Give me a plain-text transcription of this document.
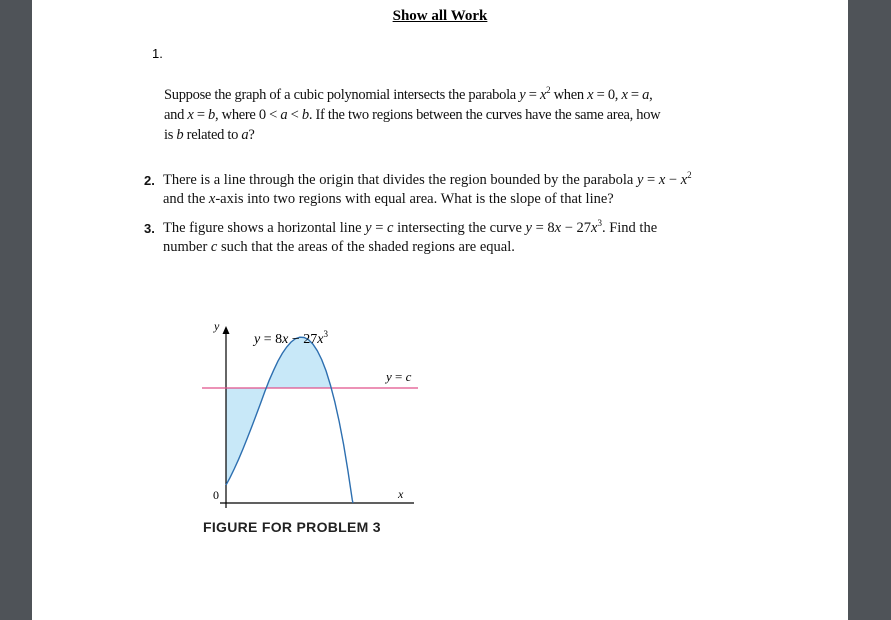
Show all Work
1.
Suppose the graph of a cubic polynomial intersects the parabola $y = x^2$ when x = 0, x = a,
and x = b, where 0 < a < b. If the two regions between the curves have the same area, how
is b related to a?
2. There is a line through the origin that divides the region bounded by the parabola $y = x - x^2$
and the x-axis into two regions with equal area. What is the slope of that line?
3. The figure shows a horizontal line y = c intersecting the curve $y = 8x - 27x^3$. Find the
number c such that the areas of the shaded regions are equal.
y
x
0
$y = 8x - 27x^3$
y = c
FIGURE FOR PROBLEM 3
